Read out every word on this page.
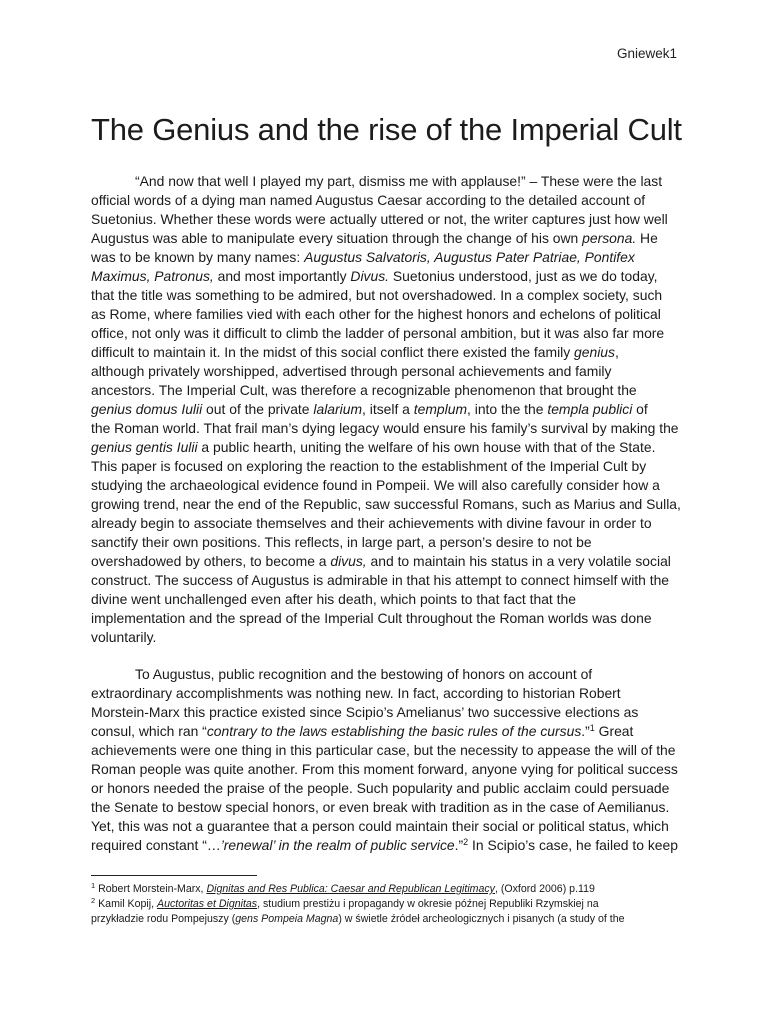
Gniewek1
The Genius and the rise of the Imperial Cult
“And now that well I played my part, dismiss me with applause!” – These were the last
official words of a dying man named Augustus Caesar according to the detailed account of
Suetonius. Whether these words were actually uttered or not, the writer captures just how well
Augustus was able to manipulate every situation through the change of his own persona. He
was to be known by many names: Augustus Salvatoris, Augustus Pater Patriae, Pontifex
Maximus, Patronus, and most importantly Divus. Suetonius understood, just as we do today,
that the title was something to be admired, but not overshadowed. In a complex society, such
as Rome, where families vied with each other for the highest honors and echelons of political
office, not only was it difficult to climb the ladder of personal ambition, but it was also far more
difficult to maintain it. In the midst of this social conflict there existed the family genius,
although privately worshipped, advertised through personal achievements and family
ancestors. The Imperial Cult, was therefore a recognizable phenomenon that brought the
genius domus Iulii out of the private lalarium, itself a templum, into the the templa publici of
the Roman world. That frail man’s dying legacy would ensure his family’s survival by making the
genius gentis Iulii a public hearth, uniting the welfare of his own house with that of the State.
This paper is focused on exploring the reaction to the establishment of the Imperial Cult by
studying the archaeological evidence found in Pompeii. We will also carefully consider how a
growing trend, near the end of the Republic, saw successful Romans, such as Marius and Sulla,
already begin to associate themselves and their achievements with divine favour in order to
sanctify their own positions. This reflects, in large part, a person’s desire to not be
overshadowed by others, to become a divus, and to maintain his status in a very volatile social
construct. The success of Augustus is admirable in that his attempt to connect himself with the
divine went unchallenged even after his death, which points to that fact that the
implementation and the spread of the Imperial Cult throughout the Roman worlds was done
voluntarily.
To Augustus, public recognition and the bestowing of honors on account of
extraordinary accomplishments was nothing new. In fact, according to historian Robert
Morstein-Marx this practice existed since Scipio’s Amelianus’ two successive elections as
consul, which ran “contrary to the laws establishing the basic rules of the cursus.”$^1$ Great
achievements were one thing in this particular case, but the necessity to appease the will of the
Roman people was quite another. From this moment forward, anyone vying for political success
or honors needed the praise of the people. Such popularity and public acclaim could persuade
the Senate to bestow special honors, or even break with tradition as in the case of Aemilianus.
Yet, this was not a guarantee that a person could maintain their social or political status, which
required constant “…’renewal’ in the realm of public service.”$^2$ In Scipio’s case, he failed to keep
$^1$ Robert Morstein-Marx, Dignitas and Res Publica: Caesar and Republican Legitimacy, (Oxford 2006) p.119
$^2$ Kamil Kopij, Auctoritas et Dignitas, studium prestiżu i propagandy w okresie późnej Republiki Rzymskiej na
przykładzie rodu Pompejuszy (gens Pompeia Magna) w świetle źródeł archeologicznych i pisanych (a study of the
